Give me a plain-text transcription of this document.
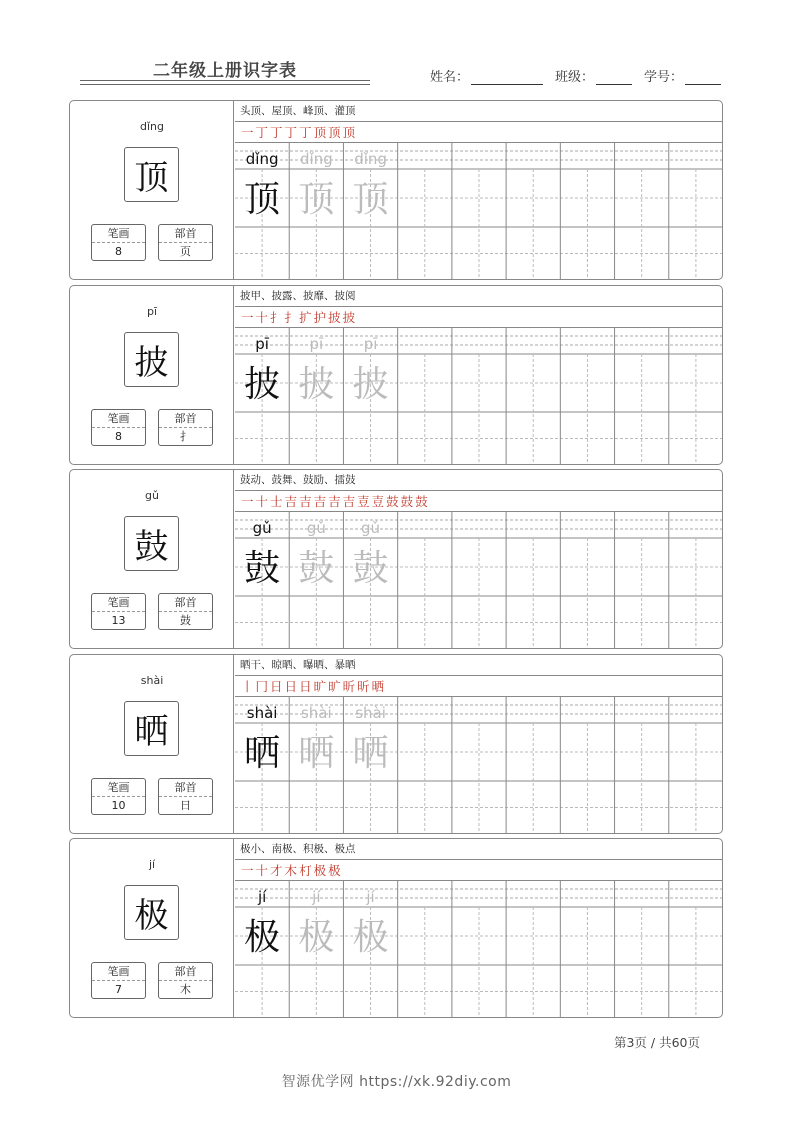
二年级上册识字表	姓名：	班级：	学号：
dǐng
顶
笔画
8
部首
页
头顶、屋顶、峰顶、灌顶
一 丁 丁 丁 丁 顶 顶 顶
dǐng
顶
dǐng
顶
dǐng
顶
pī
披
笔画
8
部首
扌
披甲、披露、披靡、披阅
一 十 扌 扌 扩 护 披 披
pī
披
pī
披
pī
披
gǔ
鼓
笔画
13
部首
鼓
鼓动、鼓舞、鼓励、擂鼓
一 十 士 吉 吉 吉 吉 吉 壴 壴 鼓 鼓 鼓
gǔ
鼓
gǔ
鼓
gǔ
鼓
shài
晒
笔画
10
部首
日
晒干、晾晒、曝晒、暴晒
丨 冂 日 日 日 旷 旷 昕 昕 晒
shài
晒
shài
晒
shài
晒
jí
极
笔画
7
部首
木
极小、南极、积极、极点
一 十 才 木 朾 极 极
jí
极
jí
极
jí
极
第3页 / 共60页
智源优学网 https://xk.92diy.com
